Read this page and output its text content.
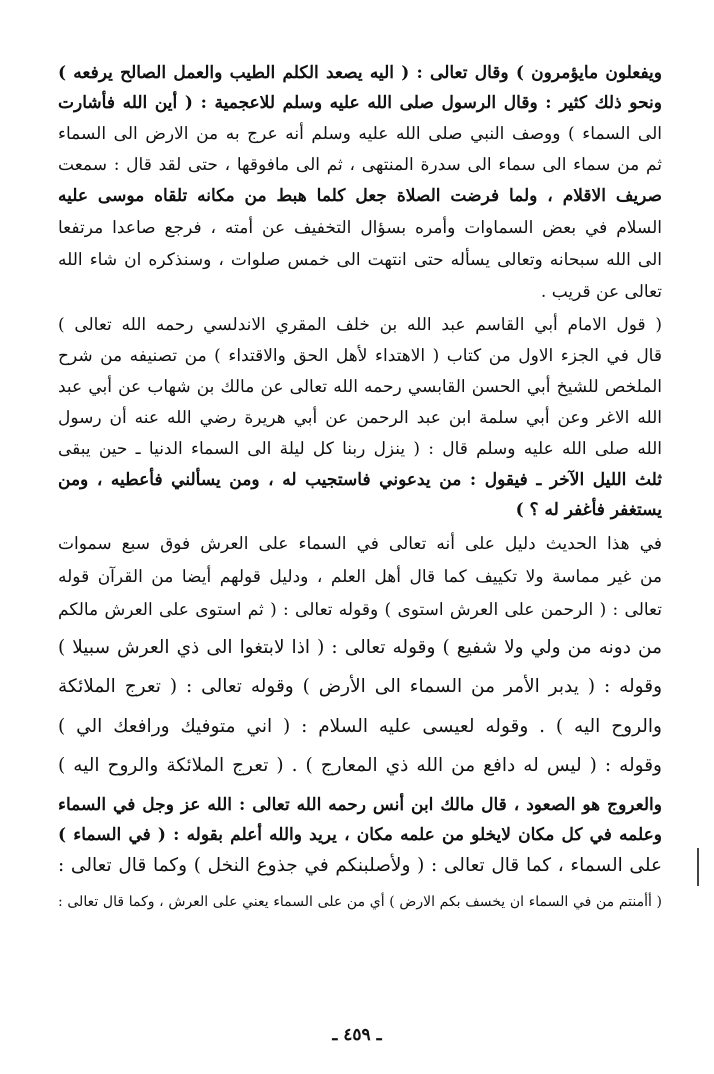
ويفعلون مايؤمرون ) وقال تعالى : ( اليه يصعد الكلم الطيب والعمل الصالح يرفعه )
ونحو ذلك كثير : وقال الرسول صلى الله عليه وسلم للاعجمية : ( أين الله فأشارت
الى السماء ) ووصف النبي صلى الله عليه وسلم أنه عرج به من الارض الى السماء
ثم من سماء الى سماء الى سدرة المنتهى ، ثم الى مافوقها ، حتى لقد قال : سمعت
صريف الاقلام ، ولما فرضت الصلاة جعل كلما هبط من مكانه تلقاه موسى عليه
السلام في بعض السماوات وأمره بسؤال التخفيف عن أمته ، فرجع صاعدا مرتفعا
الى الله سبحانه وتعالى يسأله حتى انتهت الى خمس صلوات ، وسنذكره ان شاء الله
تعالى عن قريب .
( قول الامام أبي القاسم عبد الله بن خلف المقري الاندلسي رحمه الله تعالى )
قال في الجزء الاول من كتاب ( الاهتداء لأهل الحق والاقتداء ) من تصنيفه من شرح
الملخص للشيخ أبي الحسن القابسي رحمه الله تعالى عن مالك بن شهاب عن أبي عبد
الله الاغر وعن أبي سلمة ابن عبد الرحمن عن أبي هريرة رضي الله عنه أن رسول
الله صلى الله عليه وسلم قال : ( ينزل ربنا كل ليلة الى السماء الدنيا ـ حين يبقى
ثلث الليل الآخر ـ فيقول : من يدعوني فاستجيب له ، ومن يسألني فأعطيه ، ومن
يستغفر فأغفر له ؟ )
في هذا الحديث دليل على أنه تعالى في السماء على العرش فوق سبع سموات
من غير مماسة ولا تكييف كما قال أهل العلم ، ودليل قولهم أيضا من القرآن قوله
تعالى : ( الرحمن على العرش استوى ) وقوله تعالى : ( ثم استوى على العرش مالكم
من دونه من ولي ولا شفيع ) وقوله تعالى : ( اذا لابتغوا الى ذي العرش سبيلا )
وقوله : ( يدبر الأمر من السماء الى الأرض ) وقوله تعالى : ( تعرج الملائكة
والروح اليه ) . وقوله لعيسى عليه السلام : ( اني متوفيك ورافعك الي )
وقوله : ( ليس له دافع من الله ذي المعارج ) . ( تعرج الملائكة والروح اليه )
والعروج هو الصعود ، قال مالك ابن أنس رحمه الله تعالى : الله عز وجل في السماء
وعلمه في كل مكان لايخلو من علمه مكان ، يريد والله أعلم بقوله : ( في السماء )
على السماء ، كما قال تعالى : ( ولأصلبنكم في جذوع النخل ) وكما قال تعالى :
( أأمنتم من في السماء ان يخسف بكم الارض ) أي من على السماء يعني على العرش ، وكما قال تعالى :
ـ ٤٥٩ ـ
